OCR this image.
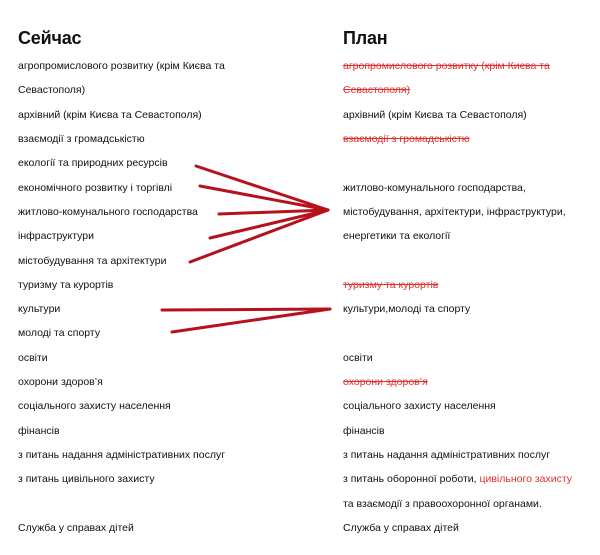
Сейчас

агропромислового розвитку (крім Києва та

Севастополя)

архівний (крім Києва та Севастополя)

взаємодії з громадськістю

екології та природних ресурсів

економічного розвитку і торгівлі

житлово-комунального господарства

інфраструктури

містобудування та архітектури

туризму та курортів

культури

молоді та спорту

освіти

охорони здоров’я

соціального захисту населення

фінансів

з питань надання адміністративних послуг

з питань цивільного захисту

Служба у справах дітей

План

агропромислового розвитку (крім Києва та

Севастополя)

архівний (крім Києва та Севастополя)

взаємодії з громадськістю

житлово-комунального господарства,

містобудування, архітектури, інфраструктури,

енергетики та екології

туризму та курортів

культури,молоді та спорту

освіти

охорони здоров’я

соціального захисту населення

фінансів

з питань надання адміністративних послуг

з питань оборонної роботи, цивільного захисту

та взаємодії з правоохоронної органами.

Служба у справах дітей
